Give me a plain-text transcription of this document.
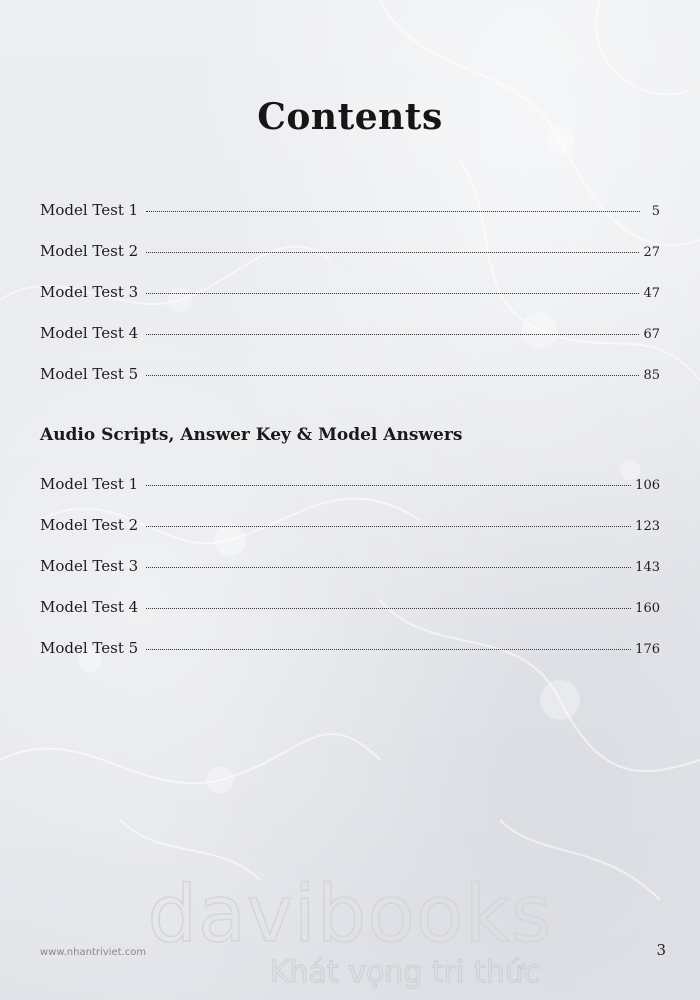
Contents
Model Test 1	5
Model Test 2	27
Model Test 3	47
Model Test 4	67
Model Test 5	85
Audio Scripts, Answer Key & Model Answers
Model Test 1	106
Model Test 2	123
Model Test 3	143
Model Test 4	160
Model Test 5	176
davibooks
Khát vọng tri thức
www.nhantriviet.com	3
